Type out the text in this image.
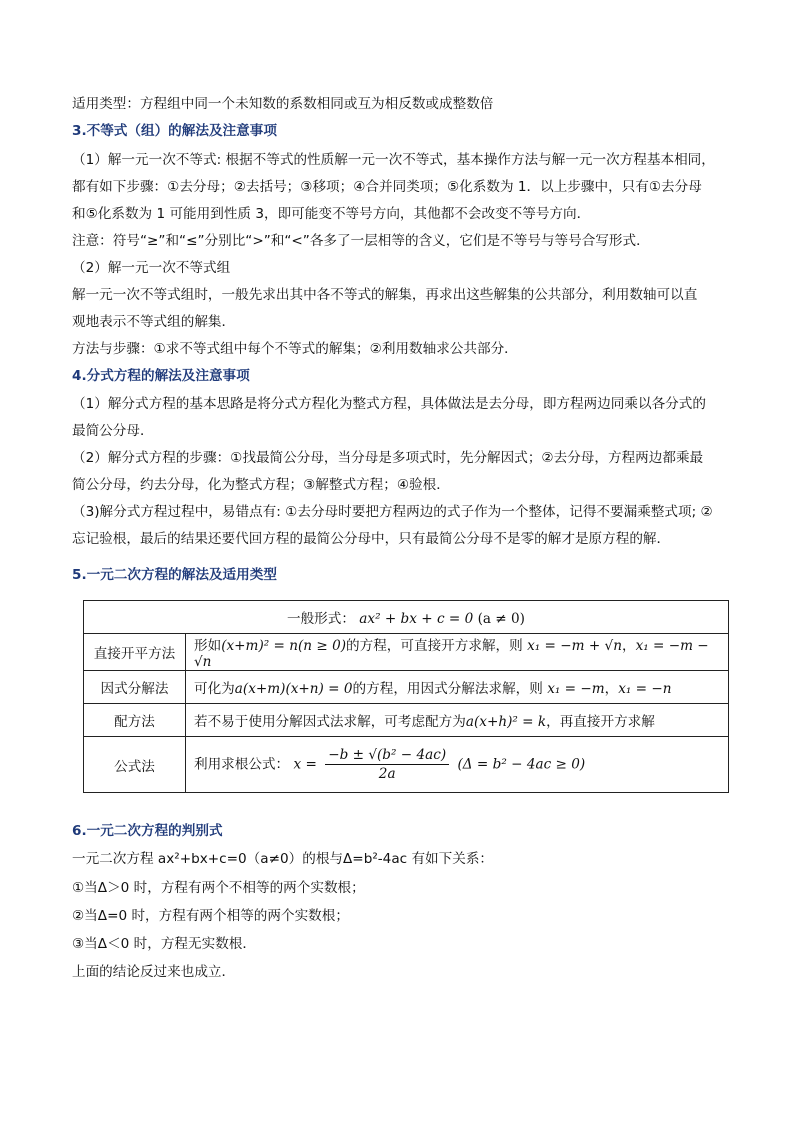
适用类型：方程组中同一个未知数的系数相同或互为相反数或成整数倍
3.不等式（组）的解法及注意事项
（1）解一元一次不等式: 根据不等式的性质解一元一次不等式，基本操作方法与解一元一次方程基本相同，
都有如下步骤：①去分母；②去括号；③移项；④合并同类项；⑤化系数为 1．以上步骤中，只有①去分母
和⑤化系数为 1 可能用到性质 3，即可能变不等号方向，其他都不会改变不等号方向．
注意：符号“≥”和“≤”分别比“>”和“<”各多了一层相等的含义，它们是不等号与等号合写形式．
（2）解一元一次不等式组
解一元一次不等式组时，一般先求出其中各不等式的解集，再求出这些解集的公共部分，利用数轴可以直
观地表示不等式组的解集．
方法与步骤：①求不等式组中每个不等式的解集；②利用数轴求公共部分．
4.分式方程的解法及注意事项
（1）解分式方程的基本思路是将分式方程化为整式方程，具体做法是去分母，即方程两边同乘以各分式的
最简公分母．
（2）解分式方程的步骤：①找最简公分母，当分母是多项式时，先分解因式；②去分母，方程两边都乘最
简公分母，约去分母，化为整式方程；③解整式方程；④验根．
（3)解分式方程过程中，易错点有: ①去分母时要把方程两边的式子作为一个整体，记得不要漏乘整式项; ②
忘记验根，最后的结果还要代回方程的最简公分母中，只有最简公分母不是零的解才是原方程的解．
5.一元二次方程的解法及适用类型
一般形式： ax² + bx + c = 0 (a ≠ 0)	
直接开平方法	形如(x+m)² = n(n ≥ 0)的方程，可直接开方求解，则 x₁ = −m + √n，x₁ = −m − √n
因式分解法	可化为a(x+m)(x+n) = 0的方程，用因式分解法求解，则 x₁ = −m，x₁ = −n
配方法	若不易于使用分解因式法求解，可考虑配方为a(x+h)² = k，再直接开方求解
公式法	利用求根公式： $x = \frac{\text{−b ± √(b² − 4ac)}}{2a} (\Delta = b^2 - 4ac \ge 0)$
6.一元二次方程的判别式
一元二次方程 ax²+bx+c=0（a≠0）的根与Δ=b²-4ac 有如下关系：
①当Δ＞0 时，方程有两个不相等的两个实数根；
②当Δ=0 时，方程有两个相等的两个实数根；
③当Δ＜0 时，方程无实数根．
上面的结论反过来也成立．
